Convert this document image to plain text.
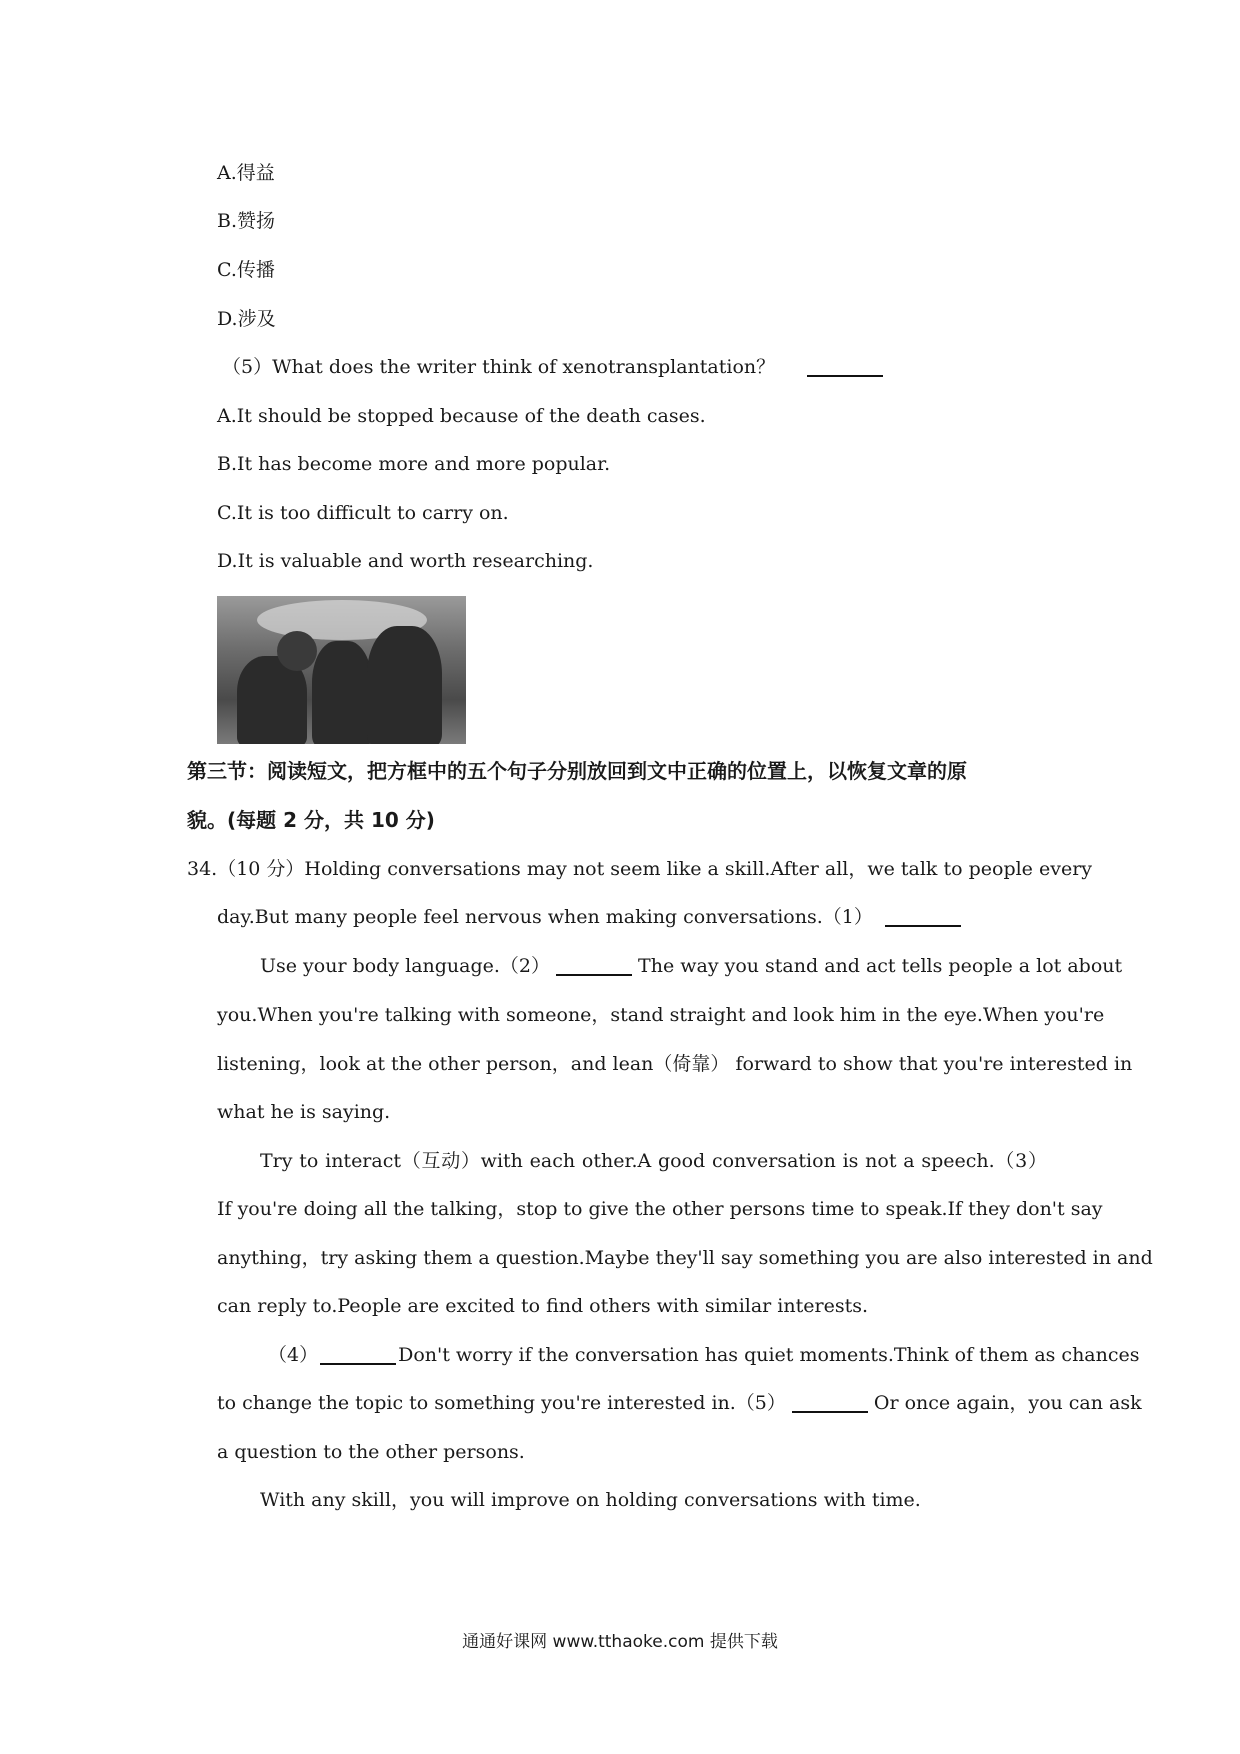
A.得益
B.赞扬
C.传播
D.涉及
（5）What does the writer think of xenotransplantation？
A.It should be stopped because of the death cases.
B.It has become more and more popular.
C.It is too difficult to carry on.
D.It is valuable and worth researching.
第三节：阅读短文，把方框中的五个句子分别放回到文中正确的位置上，以恢复文章的原
貌。(每题 2 分，共 10 分)
34.（10 分）Holding conversations may not seem like a skill.After all，we talk to people every
day.But many people feel nervous when making conversations.（1）
Use your body language.（2）	The way you stand and act tells people a lot about
you.When you're talking with someone，stand straight and look him in the eye.When you're
listening，look at the other person，and lean（倚靠） forward to show that you're interested in
what he is saying.
Try to interact（互动）with each other.A good conversation is not a speech.（3）
If you're doing all the talking，stop to give the other persons time to speak.If they don't say
anything，try asking them a question.Maybe they'll say something you are also interested in and
can reply to.People are excited to find others with similar interests.
（4）	Don't worry if the conversation has quiet moments.Think of them as chances
to change the topic to something you're interested in.（5）	Or once again，you can ask
a question to the other persons.
With any skill，you will improve on holding conversations with time.
通通好课网 www.tthaoke.com 提供下载
